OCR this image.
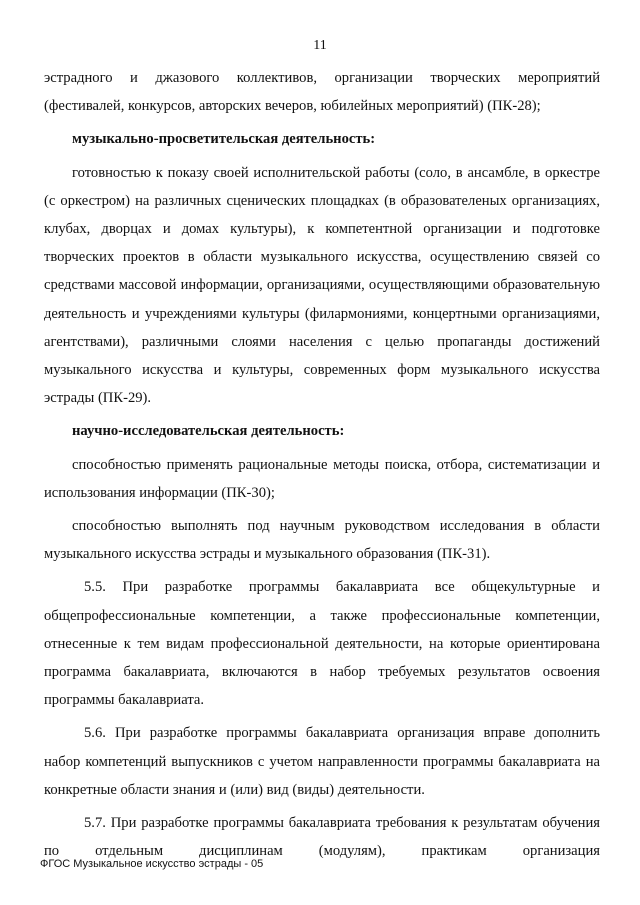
11

эстрадного и джазового коллективов, организации творческих мероприятий (фестивалей, конкурсов, авторских вечеров, юбилейных мероприятий) (ПК-28);

музыкально-просветительская деятельность:

готовностью к показу своей исполнительской работы (соло, в ансамбле, в оркестре (с оркестром) на различных сценических площадках (в образователеных организациях, клубах, дворцах и домах культуры), к компетентной организации и подготовке творческих проектов в области музыкального искусства, осуществлению связей со средствами массовой информации, организациями, осуществляющими образовательную деятельность и учреждениями культуры (филармониями, концертными организациями, агентствами), различными слоями населения с целью пропаганды достижений музыкального искусства и культуры, современных форм музыкального искусства эстрады (ПК-29).

научно-исследовательская деятельность:

способностью применять рациональные методы поиска, отбора, систематизации и использования информации (ПК-30);

способностью выполнять под научным руководством исследования в области музыкального искусства эстрады и музыкального образования (ПК-31).

5.5. При разработке программы бакалавриата все общекультурные и общепрофессиональные компетенции, а также профессиональные компетенции, отнесенные к тем видам профессиональной деятельности, на которые ориентирована программа бакалавриата, включаются в набор требуемых результатов освоения программы бакалавриата.

5.6. При разработке программы бакалавриата организация вправе дополнить набор компетенций выпускников с учетом направленности программы бакалавриата на конкретные области знания и (или) вид (виды) деятельности.

5.7. При разработке программы бакалавриата требования к результатам обучения по отдельным дисциплинам (модулям), практикам организация

ФГОС Музыкальное искусство эстрады - 05
